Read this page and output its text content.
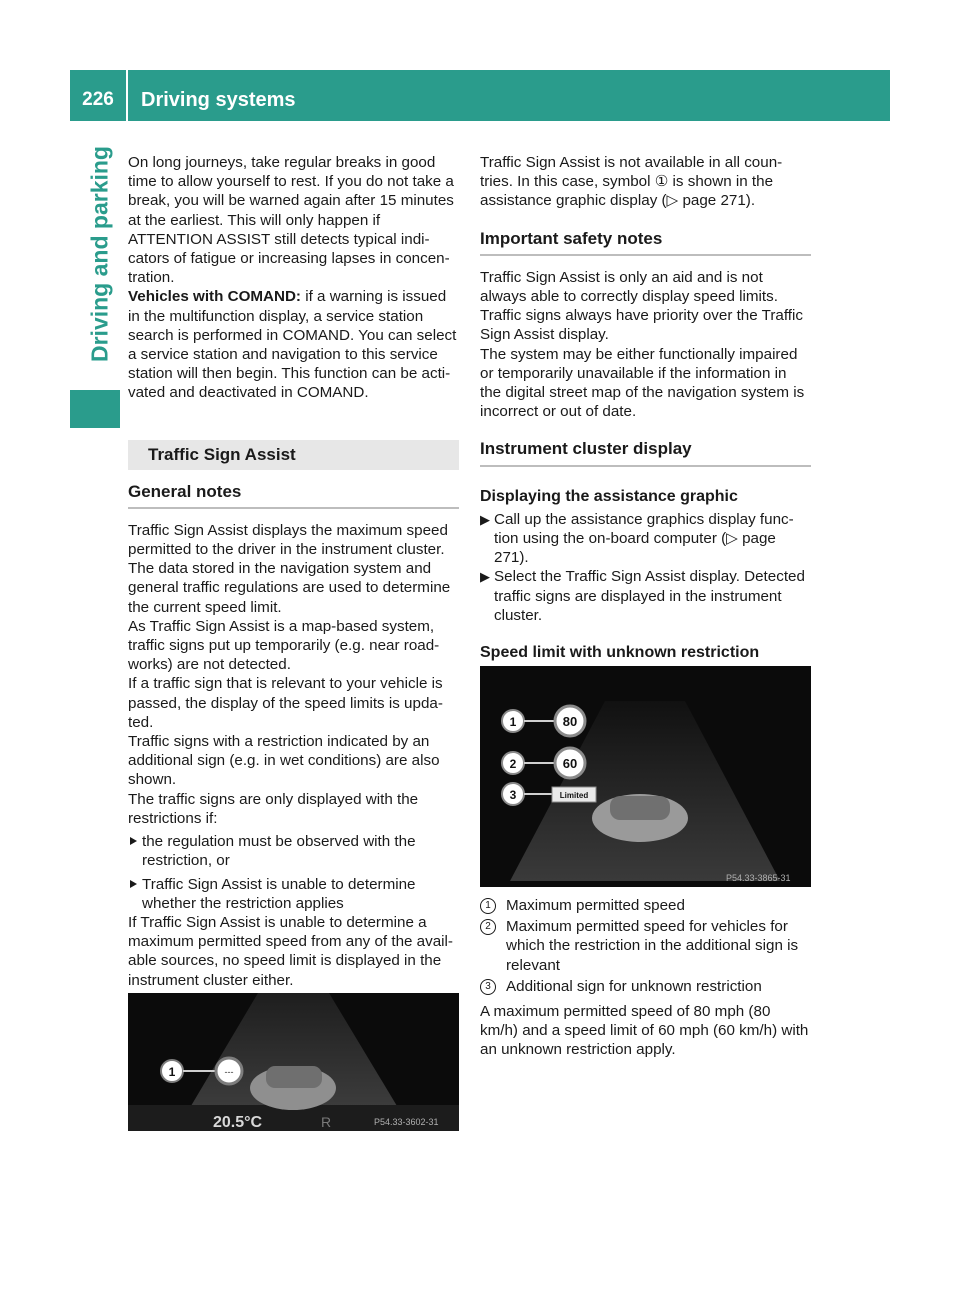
226	Driving systems
Driving and parking	On long journeys, take regular breaks in good time to allow yourself to rest. If you do not take a break, you will be warned again after 15 minutes at the earliest. This will only happen if ATTENTION ASSIST still detects typical indi-cators of fatigue or increasing lapses in concen-tration.

Vehicles with COMAND: if a warning is issued in the multifunction display, a service station search is performed in COMAND. You can select a service station and navigation to this service station will then begin. This function can be acti-vated and deactivated in COMAND.

Traffic Sign Assist
General notes

Traffic Sign Assist displays the maximum speed permitted to the driver in the instrument cluster. The data stored in the navigation system and general traffic regulations are used to determine the current speed limit.

As Traffic Sign Assist is a map-based system, traffic signs put up temporarily (e.g. near road-works) are not detected.

If a traffic sign that is relevant to your vehicle is passed, the display of the speed limits is upda-ted.

Traffic signs with a restriction indicated by an additional sign (e.g. in wet conditions) are also shown.

The traffic signs are only displayed with the restrictions if:

the regulation must be observed with the restriction, or

Traffic Sign Assist is unable to determine whether the restriction applies

If Traffic Sign Assist is unable to determine a maximum permitted speed from any of the avail-able sources, no speed limit is displayed in the instrument cluster either.

1	---
20.5°C	R	P54.33-3602-31

Traffic Sign Assist is not available in all coun-tries. In this case, symbol ① is shown in the assistance graphic display (▷ page 271).

Important safety notes

Traffic Sign Assist is only an aid and is not always able to correctly display speed limits. Traffic signs always have priority over the Traffic Sign Assist display.

The system may be either functionally impaired or temporarily unavailable if the information in the digital street map of the navigation system is incorrect or out of date.

Instrument cluster display
Displaying the assistance graphic

▶ Call up the assistance graphics display func-tion using the on-board computer (▷ page 271).

▶ Select the Traffic Sign Assist display. Detected traffic signs are displayed in the instrument cluster.

Speed limit with unknown restriction
1
2
3
80
60
Limited
P54.33-3865-31

1	Maximum permitted speed

2	Maximum permitted speed for vehicles for which the restriction in the additional sign is relevant

3	Additional sign for unknown restriction

A maximum permitted speed of 80 mph (80 km/h) and a speed limit of 60 mph (60 km/h) with an unknown restriction apply.
